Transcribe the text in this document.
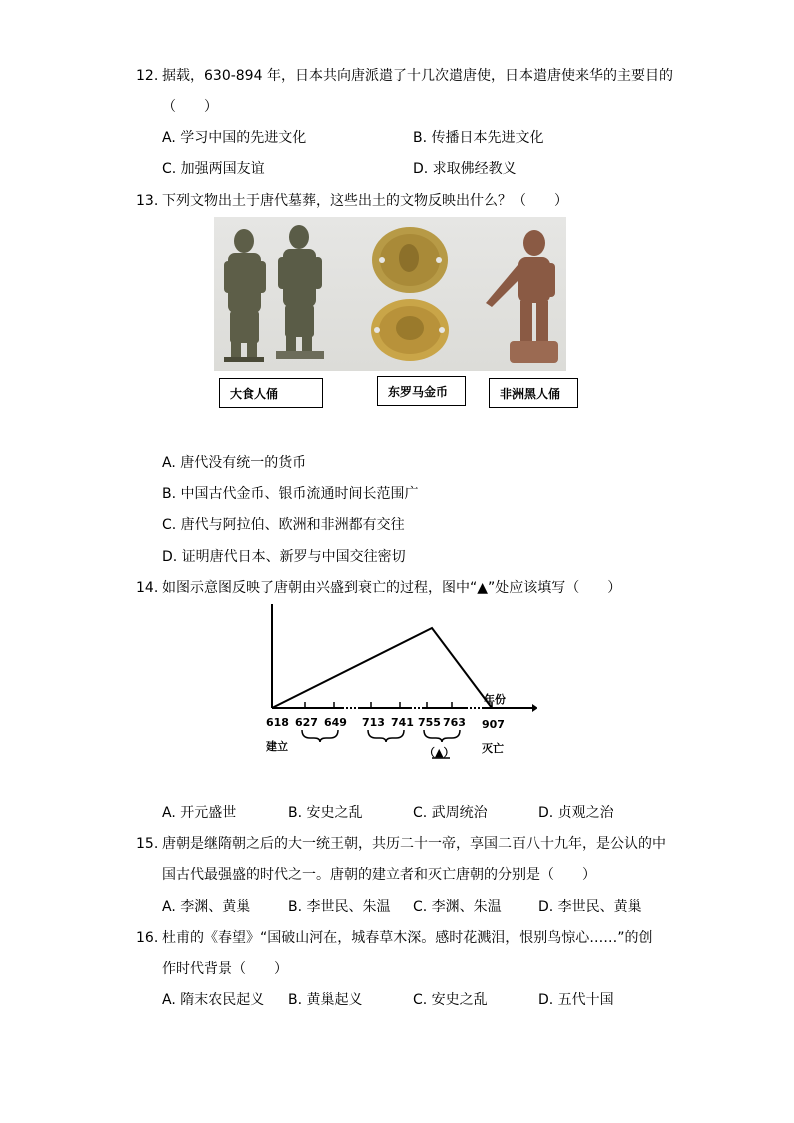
12. 据载，630-894 年，日本共向唐派遣了十几次遣唐使，日本遣唐使来华的主要目的
（　　）
A. 学习中国的先进文化	B. 传播日本先进文化
C. 加强两国友谊	D. 求取佛经教义
13. 下列文物出土于唐代墓葬，这些出土的文物反映出什么？（　　）
大食人俑	东罗马金币	非洲黑人俑
A. 唐代没有统一的货币
B. 中国古代金币、银币流通时间长范围广
C. 唐代与阿拉伯、欧洲和非洲都有交往
D. 证明唐代日本、新罗与中国交往密切
14. 如图示意图反映了唐朝由兴盛到衰亡的过程，图中“▲”处应该填写（　　）
年份
618 627 649 713 741 755 763 907
建立	灭亡
（▲）
A. 开元盛世	B. 安史之乱	C. 武周统治	D. 贞观之治
15. 唐朝是继隋朝之后的大一统王朝，共历二十一帝，享国二百八十九年，是公认的中
国古代最强盛的时代之一。唐朝的建立者和灭亡唐朝的分别是（　　）
A. 李渊、黄巢	B. 李世民、朱温 C. 李渊、朱温	D. 李世民、黄巢
16. 杜甫的《春望》“国破山河在，城春草木深。感时花溅泪，恨别鸟惊心……”的创
作时代背景（　　）
A. 隋末农民起义 B. 黄巢起义	C. 安史之乱	D. 五代十国
